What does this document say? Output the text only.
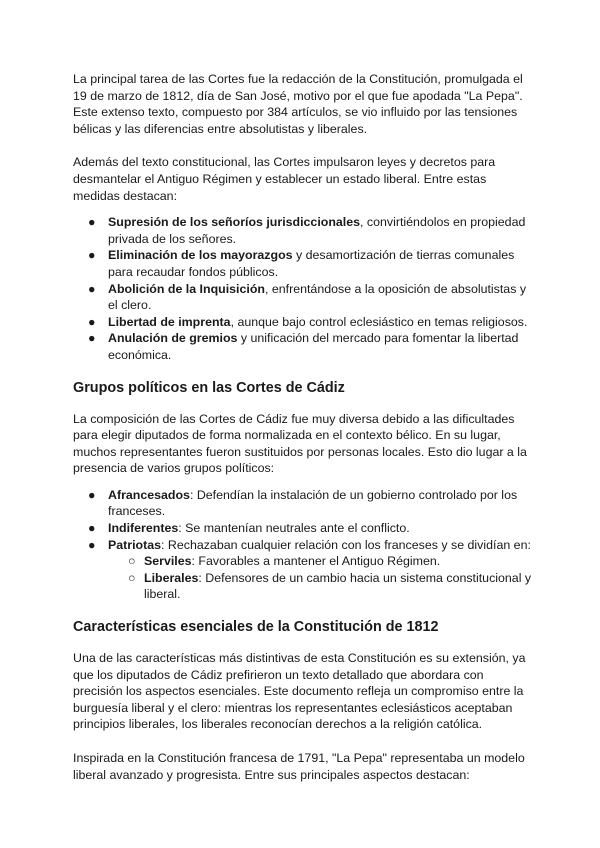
La principal tarea de las Cortes fue la redacción de la Constitución, promulgada el 19 de marzo de 1812, día de San José, motivo por el que fue apodada "La Pepa". Este extenso texto, compuesto por 384 artículos, se vio influido por las tensiones bélicas y las diferencias entre absolutistas y liberales.

Además del texto constitucional, las Cortes impulsaron leyes y decretos para desmantelar el Antiguo Régimen y establecer un estado liberal. Entre estas medidas destacan:

● Supresión de los señoríos jurisdiccionales, convirtiéndolos en propiedad privada de los señores.
● Eliminación de los mayorazgos y desamortización de tierras comunales para recaudar fondos públicos.
● Abolición de la Inquisición, enfrentándose a la oposición de absolutistas y el clero.
● Libertad de imprenta, aunque bajo control eclesiástico en temas religiosos.
● Anulación de gremios y unificación del mercado para fomentar la libertad económica.
Grupos políticos en las Cortes de Cádiz

La composición de las Cortes de Cádiz fue muy diversa debido a las dificultades para elegir diputados de forma normalizada en el contexto bélico. En su lugar, muchos representantes fueron sustituidos por personas locales. Esto dio lugar a la presencia de varios grupos políticos:

● Afrancesados: Defendían la instalación de un gobierno controlado por los franceses.
● Indiferentes: Se mantenían neutrales ante el conflicto.
● Patriotas: Rechazaban cualquier relación con los franceses y se dividían en:
○ Serviles: Favorables a mantener el Antiguo Régimen.
○ Liberales: Defensores de un cambio hacia un sistema constitucional y liberal.
Características esenciales de la Constitución de 1812

Una de las características más distintivas de esta Constitución es su extensión, ya que los diputados de Cádiz prefirieron un texto detallado que abordara con precisión los aspectos esenciales. Este documento refleja un compromiso entre la burguesía liberal y el clero: mientras los representantes eclesiásticos aceptaban principios liberales, los liberales reconocían derechos a la religión católica.

Inspirada en la Constitución francesa de 1791, "La Pepa" representaba un modelo liberal avanzado y progresista. Entre sus principales aspectos destacan:
